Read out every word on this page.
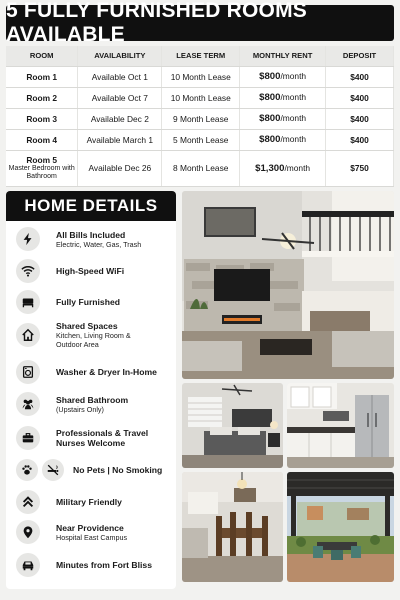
5 FULLY FURNISHED ROOMS AVAILABLE
ROOM	AVAILABILITY	LEASE TERM	MONTHLY RENT	DEPOSIT
Room 1	Available Oct 1	10 Month Lease	$800/month	$400
Room 2	Available Oct 7	10 Month Lease	$800/month	$400
Room 3	Available Dec 2	9 Month Lease	$800/month	$400
Room 4	Available March 1	5 Month Lease	$800/month	$400
Room 5
Master Bedroom with Bathroom	Available Dec 26	8 Month Lease	$1,300/month	$750
HOME DETAILS
All Bills Included
Electric, Water, Gas, Trash
High-Speed WiFi
Fully Furnished
Shared Spaces
Kitchen, Living Room & Outdoor Area
Washer & Dryer In-Home
Shared Bathroom
(Upstairs Only)
Professionals & Travel Nurses Welcome
No Pets | No Smoking
Military Friendly
Near Providence
Hospital East Campus
Minutes from Fort Bliss
